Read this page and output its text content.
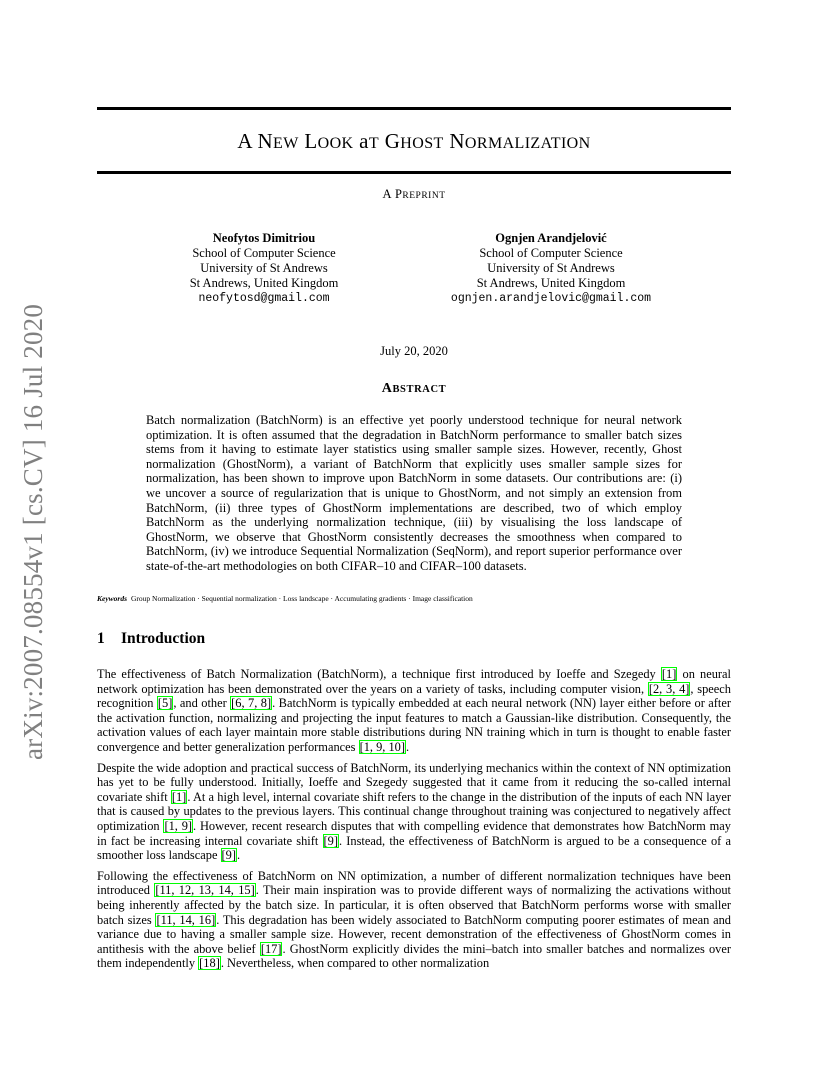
arXiv:2007.08554v1 [cs.CV] 16 Jul 2020
A NEW LOOK aT GHOST NORMALIZATION
A PREPRINT
Neofytos Dimitriou
School of Computer Science
University of St Andrews
St Andrews, United Kingdom
neofytosd@gmail.com
Ognjen Arandjelović
School of Computer Science
University of St Andrews
St Andrews, United Kingdom
ognjen.arandjelovic@gmail.com
July 20, 2020
ABSTRACT
Batch normalization (BatchNorm) is an effective yet poorly understood technique for neural network optimization. It is often assumed that the degradation in BatchNorm performance to smaller batch sizes stems from it having to estimate layer statistics using smaller sample sizes. However, recently, Ghost normalization (GhostNorm), a variant of BatchNorm that explicitly uses smaller sample sizes for normalization, has been shown to improve upon BatchNorm in some datasets. Our contributions are: (i) we uncover a source of regularization that is unique to GhostNorm, and not simply an extension from BatchNorm, (ii) three types of GhostNorm implementations are described, two of which employ BatchNorm as the underlying normalization technique, (iii) by visualising the loss landscape of GhostNorm, we observe that GhostNorm consistently decreases the smoothness when compared to BatchNorm, (iv) we introduce Sequential Normalization (SeqNorm), and report superior performance over state-of-the-art methodologies on both CIFAR–10 and CIFAR–100 datasets.
Keywords Group Normalization · Sequential normalization · Loss landscape · Accumulating gradients · Image classification
1 Introduction

The effectiveness of Batch Normalization (BatchNorm), a technique first introduced by Ioeffe and Szegedy [1] on neural network optimization has been demonstrated over the years on a variety of tasks, including computer vision, [2, 3, 4], speech recognition [5], and other [6, 7, 8]. BatchNorm is typically embedded at each neural network (NN) layer either before or after the activation function, normalizing and projecting the input features to match a Gaussian-like distribution. Consequently, the activation values of each layer maintain more stable distributions during NN training which in turn is thought to enable faster convergence and better generalization performances [1, 9, 10].

Despite the wide adoption and practical success of BatchNorm, its underlying mechanics within the context of NN optimization has yet to be fully understood. Initially, Ioeffe and Szegedy suggested that it came from it reducing the so-called internal covariate shift [1]. At a high level, internal covariate shift refers to the change in the distribution of the inputs of each NN layer that is caused by updates to the previous layers. This continual change throughout training was conjectured to negatively affect optimization [1, 9]. However, recent research disputes that with compelling evidence that demonstrates how BatchNorm may in fact be increasing internal covariate shift [9]. Instead, the effectiveness of BatchNorm is argued to be a consequence of a smoother loss landscape [9].

Following the effectiveness of BatchNorm on NN optimization, a number of different normalization techniques have been introduced [11, 12, 13, 14, 15]. Their main inspiration was to provide different ways of normalizing the activations without being inherently affected by the batch size. In particular, it is often observed that BatchNorm performs worse with smaller batch sizes [11, 14, 16]. This degradation has been widely associated to BatchNorm computing poorer estimates of mean and variance due to having a smaller sample size. However, recent demonstration of the effectiveness of GhostNorm comes in antithesis with the above belief [17]. GhostNorm explicitly divides the mini–batch into smaller batches and normalizes over them independently [18]. Nevertheless, when compared to other normalization
